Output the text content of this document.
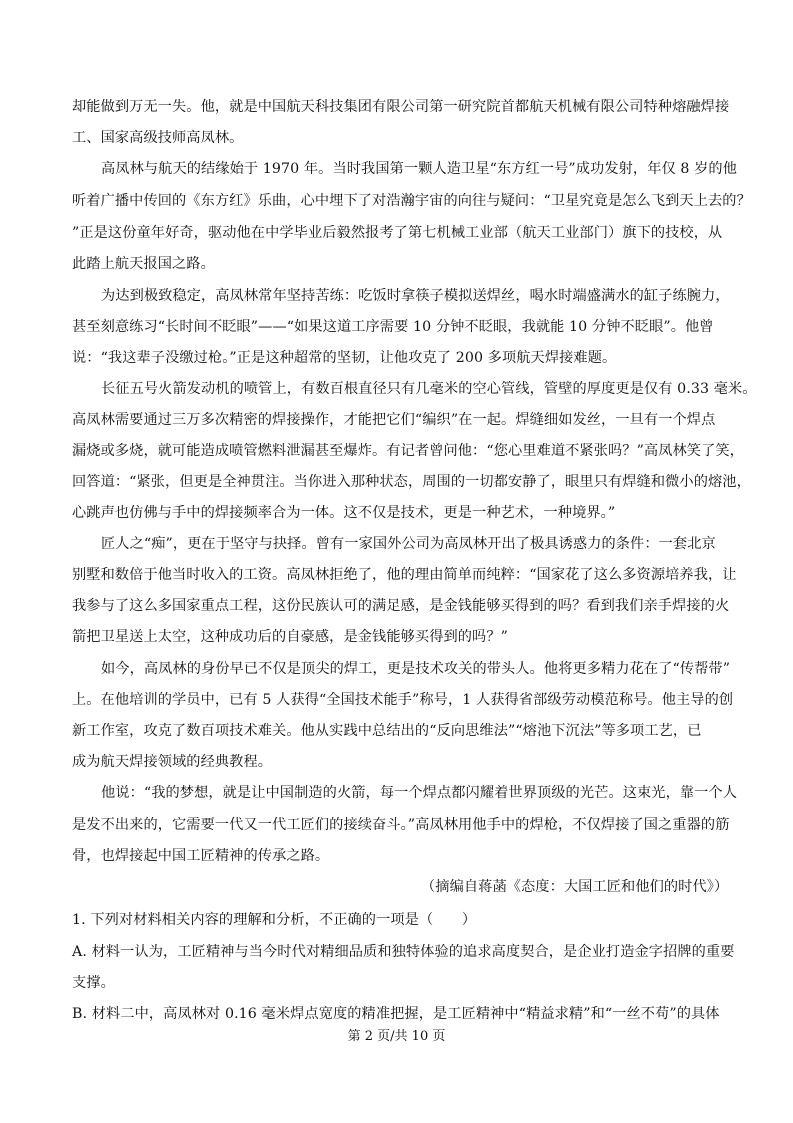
却能做到万无一失。他，就是中国航天科技集团有限公司第一研究院首都航天机械有限公司特种熔融焊接
工、国家高级技师高凤林。
高凤林与航天的结缘始于 1970 年。当时我国第一颗人造卫星“东方红一号”成功发射，年仅 8 岁的他
听着广播中传回的《东方红》乐曲，心中埋下了对浩瀚宇宙的向往与疑问：“卫星究竟是怎么飞到天上去的？
”正是这份童年好奇，驱动他在中学毕业后毅然报考了第七机械工业部（航天工业部门）旗下的技校，从
此踏上航天报国之路。
为达到极致稳定，高凤林常年坚持苦练：吃饭时拿筷子模拟送焊丝，喝水时端盛满水的缸子练腕力，
甚至刻意练习“长时间不眨眼”——“如果这道工序需要 10 分钟不眨眼，我就能 10 分钟不眨眼”。他曾
说：“我这辈子没缴过枪。”正是这种超常的坚韧，让他攻克了 200 多项航天焊接难题。
长征五号火箭发动机的喷管上，有数百根直径只有几毫米的空心管线，管壁的厚度更是仅有 0.33 毫米。
高凤林需要通过三万多次精密的焊接操作，才能把它们“编织”在一起。焊缝细如发丝，一旦有一个焊点
漏烧或多烧，就可能造成喷管燃料泄漏甚至爆炸。有记者曾问他：“您心里难道不紧张吗？”高凤林笑了笑，
回答道：“紧张，但更是全神贯注。当你进入那种状态，周围的一切都安静了，眼里只有焊缝和微小的熔池，
心跳声也仿佛与手中的焊接频率合为一体。这不仅是技术，更是一种艺术，一种境界。”
匠人之“痴”，更在于坚守与抉择。曾有一家国外公司为高凤林开出了极具诱惑力的条件：一套北京
别墅和数倍于他当时收入的工资。高凤林拒绝了，他的理由简单而纯粹：“国家花了这么多资源培养我，让
我参与了这么多国家重点工程，这份民族认可的满足感，是金钱能够买得到的吗？看到我们亲手焊接的火
箭把卫星送上太空，这种成功后的自豪感，是金钱能够买得到的吗？”
如今，高凤林的身份早已不仅是顶尖的焊工，更是技术攻关的带头人。他将更多精力花在了“传帮带”
上。在他培训的学员中，已有 5 人获得“全国技术能手”称号，1 人获得省部级劳动模范称号。他主导的创
新工作室，攻克了数百项技术难关。他从实践中总结出的“反向思维法”“熔池下沉法”等多项工艺，已
成为航天焊接领域的经典教程。
他说：“我的梦想，就是让中国制造的火箭，每一个焊点都闪耀着世界顶级的光芒。这束光，靠一个人
是发不出来的，它需要一代又一代工匠们的接续奋斗。”高凤林用他手中的焊枪，不仅焊接了国之重器的筋
骨，也焊接起中国工匠精神的传承之路。
（摘编自蒋菡《态度：大国工匠和他们的时代》）
1. 下列对材料相关内容的理解和分析，不正确的一项是（　　）
A. 材料一认为，工匠精神与当今时代对精细品质和独特体验的追求高度契合，是企业打造金字招牌的重要
支撑。
B. 材料二中，高凤林对 0.16 毫米焊点宽度的精准把握，是工匠精神中“精益求精”和“一丝不苟”的具体
第 2 页/共 10 页
